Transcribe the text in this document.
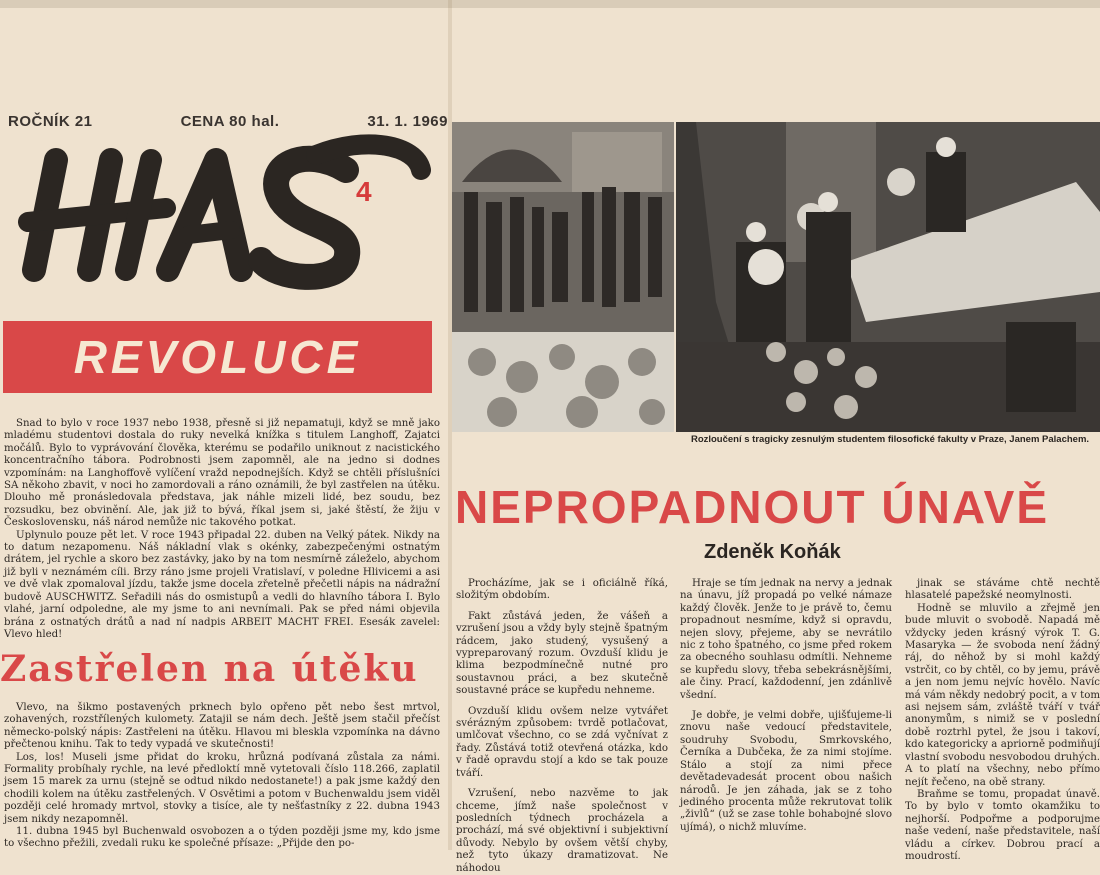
ROČNÍK 21	CENA 80 hal.	31. 1. 1969
4
REVOLUCE
Rozloučení s tragicky zesnulým studentem filosofické fakulty v Praze, Janem Palachem.
NEPROPADNOUT ÚNAVĚ
Zdeněk Koňák

Procházíme, jak se i oficiálně říká, složitým obdobím.

Fakt zůstává jeden, že vášeň a vzrušení jsou a vždy byly stejně špatným rádcem, jako studený, vysušený a vypreparovaný rozum. Ovzduší klidu je klima bezpodmínečně nutné pro soustavnou práci, a bez skutečně soustavné práce se kupředu nehneme.

Ovzduší klidu ovšem nelze vytvářet svérázným způsobem: tvrdě potlačovat, umlčovat všechno, co se zdá vyčnívat z řady. Zůstává totiž otevřená otázka, kdo v řadě opravdu stojí a kdo se tak pouze tváří.

Vzrušení, nebo nazvěme to jak chceme, jímž naše společnost v posledních týdnech procházela a prochází, má své objektivní i subjektivní důvody. Nebylo by ovšem větší chyby, než tyto úkazy dramatizovat. Ne náhodou

Hraje se tím jednak na nervy a jednak na únavu, jíž propadá po velké námaze každý člověk. Jenže to je právě to, čemu propadnout nesmíme, když si opravdu, nejen slovy, přejeme, aby se nevrátilo nic z toho špatného, co jsme před rokem za obecného souhlasu odmítli. Nehneme se kupředu slovy, třeba sebekrásnějšími, ale činy. Prací, každodenní, jen zdánlivě všední.

Je dobře, je velmi dobře, ujišťujeme-li znovu naše vedoucí představitele, soudruhy Svobodu, Smrkovského, Černíka a Dubčeka, že za nimi stojíme. Stálo a stojí za nimi přece devětadevadesát procent obou našich národů. Je jen záhada, jak se z toho jediného procenta může rekrutovat tolik „živlů“ (už se zase tohle bohabojné slovo ujímá), o nichž mluvíme.

jinak se stáváme chtě nechtě hlasatelé papežské neomylnosti.

Hodně se mluvilo a zřejmě jen bude mluvit o svobodě. Napadá mě vždycky jeden krásný výrok T. G. Masaryka — že svoboda není žádný ráj, do něhož by si mohl každý vstrčit, co by chtěl, co by jemu, právě a jen nom jemu nejvíc hovělo. Navíc má vám někdy nedobrý pocit, a v tom asi nejsem sám, zvláště tváří v tvář anonymům, s nimiž se v poslední době roztrhl pytel, že jsou i takoví, kdo kategoricky a apriorně podmiňují vlastní svobodu nesvobodou druhých. A to platí na všechny, nebo přímo nejít řečeno, na obě strany.

Braňme se tomu, propadat únavě. To by bylo v tomto okamžiku to nejhorší. Podpořme a podporujme naše vedení, naše představitele, naší vládu a církev. Dobrou prací a moudrostí.

Snad to bylo v roce 1937 nebo 1938, přesně si již nepamatuji, když se mně jako mladému studentovi dostala do ruky nevelká knížka s titulem Langhoff, Zajatci močálů. Bylo to vyprávování člověka, kterému se podařilo uniknout z nacistického koncentračního tábora. Podrobnosti jsem zapomněl, ale na jedno si dodnes vzpomínám: na Langhoffově vylíčení vražd nepodnejších. Když se chtěli příslušníci SA někoho zbavit, v noci ho zamordovali a ráno oznámili, že byl zastřelen na útěku. Dlouho mě pronásledovala představa, jak náhle mizeli lidé, bez soudu, bez rozsudku, bez obvinění. Ale, jak již to bývá, říkal jsem si, jaké štěstí, že žiju v Československu, náš národ nemůže nic takového potkat.

Uplynulo pouze pět let. V roce 1943 připadal 22. duben na Velký pátek. Nikdy na to datum nezapomenu. Náš nákladní vlak s okénky, zabezpečenými ostnatým drátem, jel rychle a skoro bez zastávky, jako by na tom nesmírně záleželo, abychom již byli v neznámém cíli. Brzy ráno jsme projeli Vratislaví, v poledne Hlivicemi a asi ve dvě vlak zpomaloval jízdu, takže jsme docela zřetelně přečetli nápis na nádražní budově AUSCHWITZ. Seřadili nás do osmistupů a vedli do hlavního tábora I. Bylo vlahé, jarní odpoledne, ale my jsme to ani nevnímali. Pak se před námi objevila brána z ostnatých drátů a nad ní nadpis ARBEIT MACHT FREI. Esesák zavelel: Vlevo hled!

Zastřelen na útěku

Vlevo, na šikmo postavených prknech bylo opřeno pět nebo šest mrtvol, zohavených, rozstřílených kulomety. Zatajil se nám dech. Ještě jsem stačil přečíst německo-polský nápis: Zastřeleni na útěku. Hlavou mi bleskla vzpomínka na dávno přečtenou knihu. Tak to tedy vypadá ve skutečnosti!

Los, los! Museli jsme přidat do kroku, hrůzná podívaná zůstala za námi. Formality probíhaly rychle, na levé předloktí mně vytetovali číslo 118.266, zaplatil jsem 15 marek za urnu (stejně se odtud nikdo nedostanete!) a pak jsme každý den chodili kolem na útěku zastřelených. V Osvětimi a potom v Buchenwaldu jsem viděl později celé hromady mrtvol, stovky a tisíce, ale ty nešťastníky z 22. dubna 1943 jsem nikdy nezapomněl.

11. dubna 1945 byl Buchenwald osvobozen a o týden později jsme my, kdo jsme to všechno přežili, zvedali ruku ke společné přísaze: „Přijde den po-
